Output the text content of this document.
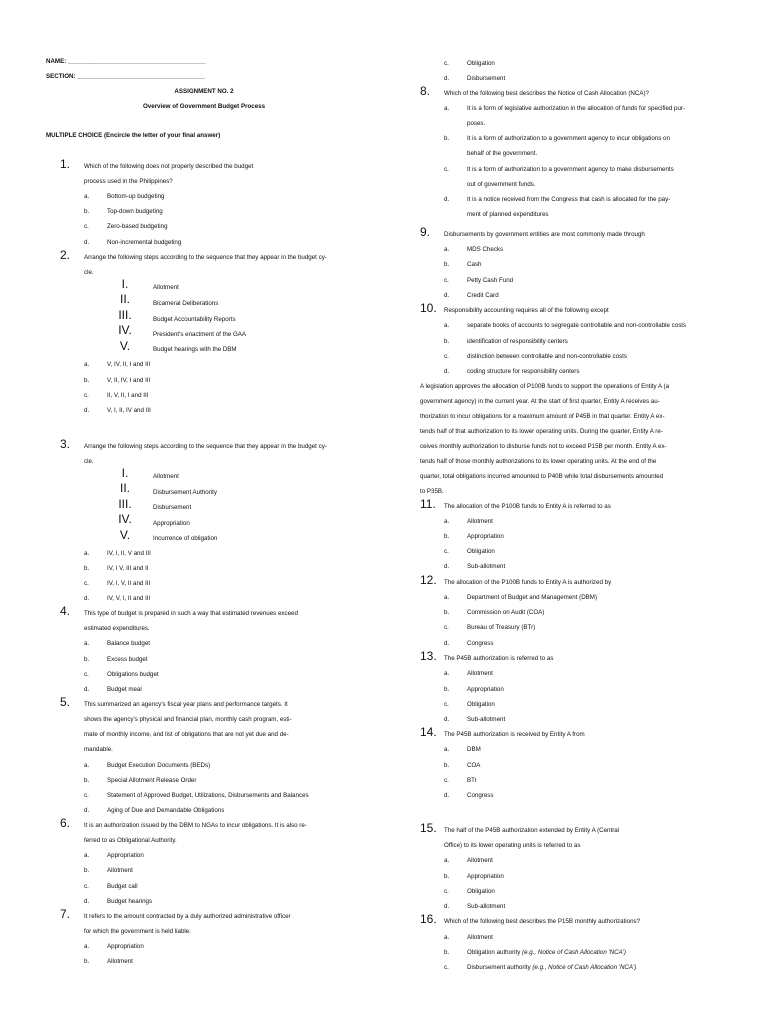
NAME: ________________________________________
SECTION: _____________________________________
ASSIGNMENT NO. 2
Overview of Government Budget Process
MULTIPLE CHOICE (Encircle the letter of your final answer)
1. Which of the following does not properly described the budget
process used in the Philippines?
a.	Bottom-up budgeting
b.	Top-down budgeting
c.	Zero-based budgeting
d.	Non-incremental budgeting
2. Arrange the following steps according to the sequence that they appear in the budget cy-
cle.
I.	Allotment
II.	Bicameral Deliberations
III.	Budget Accountability Reports
IV.	President's enactment of the GAA
V.	Budget hearings with the DBM
a.	V, IV, II, I and III
b.	V, II, IV, I and III
c.	II, V, II, I and III
d.	V, I, II, IV and III
3. Arrange the following steps according to the sequence that they appear in the budget cy-
cle.
I.	Allotment
II.	Disbursement Authority
III.	Disbursement
IV.	Appropriation
V.	Incurrence of obligation
a.	IV, I, II, V and III
b.	IV, I V, III and II
c.	IV, I, V, II and III
d.	IV, V, I, II and III
4. This type of budget is prepared in such a way that estimated revenues exceed
estimated expenditures.
a.	Balance budget
b.	Excess budget
c.	Obligations budget
d.	Budget meal
5. This summarized an agency's fiscal year plans and performance targets. It
shows the agency's physical and financial plan, monthly cash program, esti-
mate of monthly income, and list of obligations that are not yet due and de-
mandable.
a.	Budget Execution Documents (BEDs)
b.	Special Allotment Release Order
c.	Statement of Approved Budget, Utilizations, Disbursements and Balances
d.	Aging of Due and Demandable Obligations
6. It is an authorization issued by the DBM to NGAs to incur obligations. It is also re-
ferred to as Obligational Authority.
a.	Appropriation
b.	Allotment
c.	Budget call
d.	Budget hearings
7. It refers to the amount contracted by a duly authorized administrative officer
for which the government is held liable.
a.	Appropriation
b.	Allotment
c.	Obligation
d.	Disbursement
8. Which of the following best describes the Notice of Cash Allocation (NCA)?
a.	It is a form of legislative authorization in the allocation of funds for specified pur-
poses.
b.	It is a form of authorization to a government agency to incur obligations on
behalf of the government.
c.	It is a form of authorization to a government agency to make disbursements
out of government funds.
d.	It is a notice received from the Congress that cash is allocated for the pay-
ment of planned expenditures
9. Disbursements by government entities are most commonly made through
a.	MDS Checks
b.	Cash
c.	Petty Cash Fund
d.	Credit Card
10. Responsibility accounting requires all of the following except
a.	separate books of accounts to segregate controllable and non-controllable costs
b.	identification of responsibility centers
c.	distinction between controllable and non-controllable costs
d.	coding structure for responsibility centers
A legislation approves the allocation of P100B funds to support the operations of Entity A (a
government agency) in the current year. At the start of first quarter, Entity A receives au-
thorization to incur obligations for a maximum amount of P45B in that quarter. Entity A ex-
tends half of that authorization to its lower operating units. During the quarter, Entity A re-
ceives monthly authorization to disburse funds not to exceed P15B per month. Entity A ex-
tends half of those monthly authorizations to its lower operating units. At the end of the
quarter, total obligations incurred amounted to P40B while total disbursements amounted
to P35B.
11. The allocation of the P100B funds to Entity A is referred to as
a.	Allotment
b.	Appropriation
c.	Obligation
d.	Sub-allotment
12. The allocation of the P100B funds to Entity A is authorized by
a.	Department of Budget and Management (DBM)
b.	Commission on Audit (COA)
c.	Bureau of Treasury (BTr)
d.	Congress
13. The P45B authorization is referred to as
a.	Allotment
b.	Appropriation
c.	Obligation
d.	Sub-allotment
14. The P45B authorization is received by Entity A from
a.	DBM
b.	COA
c.	BTr
d.	Congress
15. The half of the P45B authorization extended by Entity A (Central
Office) to its lower operating units is referred to as
a.	Allotment
b.	Appropriation
c.	Obligation
d.	Sub-allotment
16. Which of the following best describes the P15B monthly authorizations?
a.	Allotment
b.	Obligation authority (e.g., Notice of Cash Allocation 'NCA')
c.	Disbursement authority (e.g., Notice of Cash Allocation 'NCA')
